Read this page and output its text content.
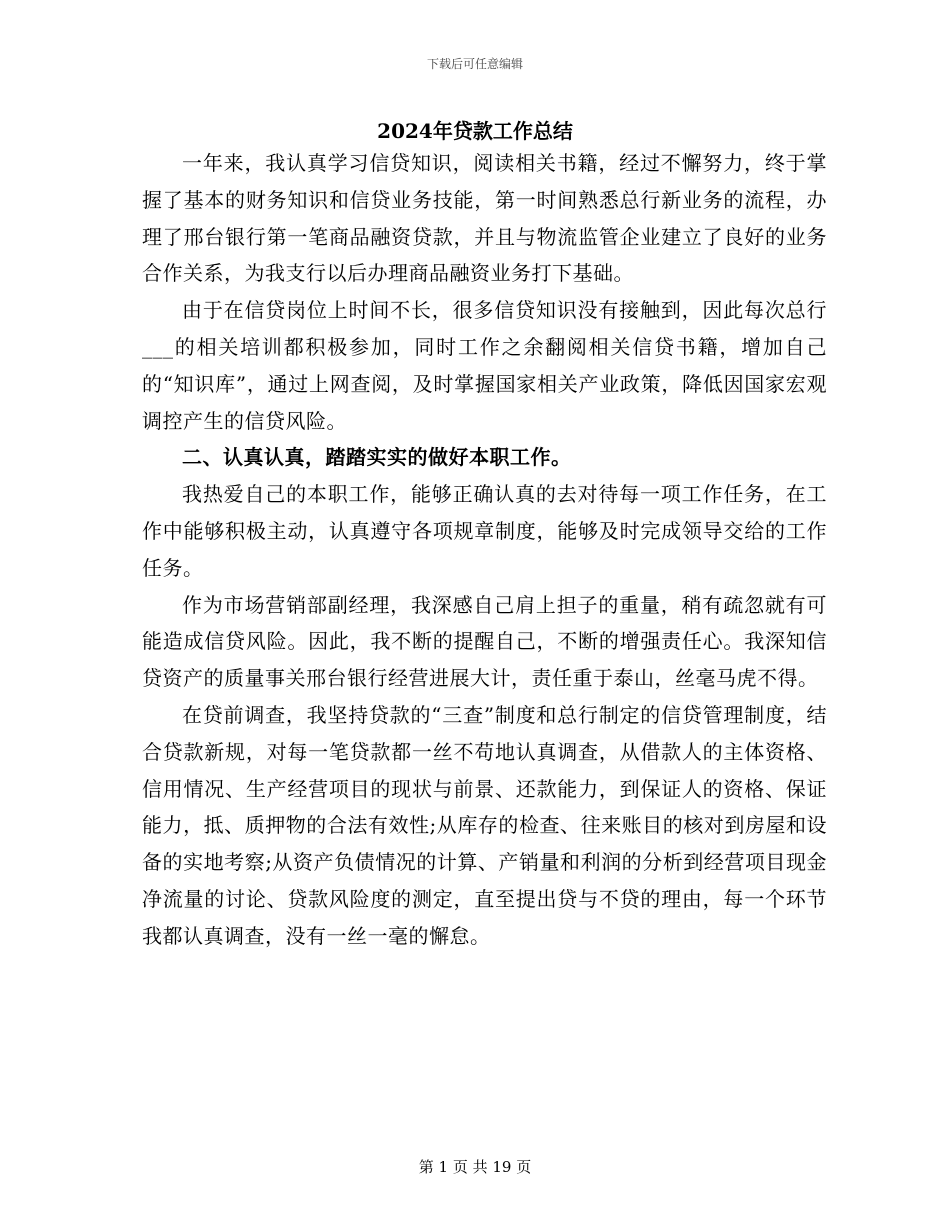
下载后可任意编辑
2024年贷款工作总结

一年来，我认真学习信贷知识，阅读相关书籍，经过不懈努力，终于掌握了基本的财务知识和信贷业务技能，第一时间熟悉总行新业务的流程，办理了邢台银行第一笔商品融资贷款，并且与物流监管企业建立了良好的业务合作关系，为我支行以后办理商品融资业务打下基础。

由于在信贷岗位上时间不长，很多信贷知识没有接触到，因此每次总行___的相关培训都积极参加，同时工作之余翻阅相关信贷书籍，增加自己的“知识库”，通过上网查阅，及时掌握国家相关产业政策，降低因国家宏观调控产生的信贷风险。

二、认真认真，踏踏实实的做好本职工作。

我热爱自己的本职工作，能够正确认真的去对待每一项工作任务，在工作中能够积极主动，认真遵守各项规章制度，能够及时完成领导交给的工作任务。

作为市场营销部副经理，我深感自己肩上担子的重量，稍有疏忽就有可能造成信贷风险。因此，我不断的提醒自己，不断的增强责任心。我深知信贷资产的质量事关邢台银行经营进展大计，责任重于泰山，丝毫马虎不得。

在贷前调查，我坚持贷款的“三查”制度和总行制定的信贷管理制度，结合贷款新规，对每一笔贷款都一丝不苟地认真调查，从借款人的主体资格、信用情况、生产经营项目的现状与前景、还款能力，到保证人的资格、保证能力，抵、质押物的合法有效性;从库存的检查、往来账目的核对到房屋和设备的实地考察;从资产负债情况的计算、产销量和利润的分析到经营项目现金净流量的讨论、贷款风险度的测定，直至提出贷与不贷的理由，每一个环节我都认真调查，没有一丝一毫的懈怠。

第 1 页 共 19 页
